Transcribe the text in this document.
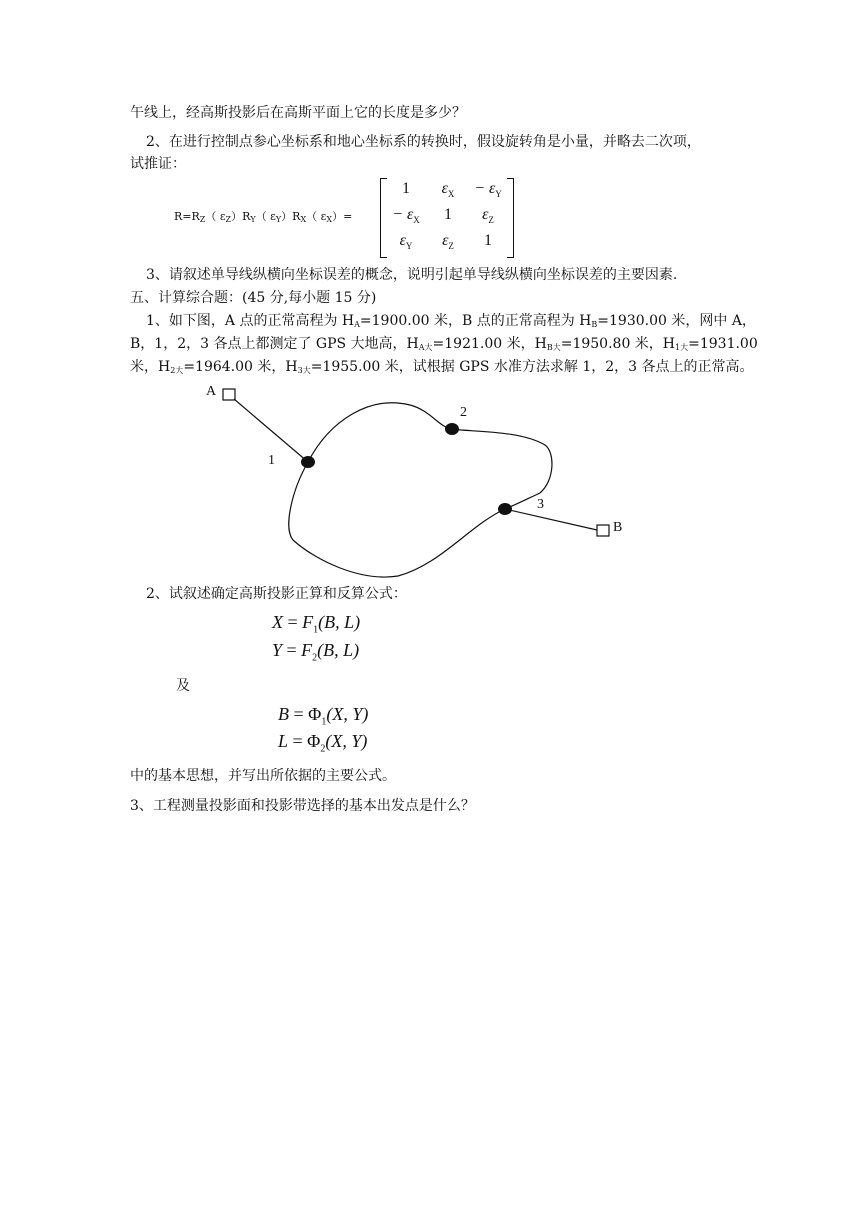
午线上，经高斯投影后在高斯平面上它的长度是多少？
2、在进行控制点参心坐标系和地心坐标系的转换时，假设旋转角是小量，并略去二次项，
试推证：
$R=R_Z$（ $\varepsilon_Z)R_Y$（ $\varepsilon_Y)R_X$（ $\varepsilon_X)=$
1	$\varepsilon_X$	− $\varepsilon_Y$
− $\varepsilon_X$	1	$\varepsilon_Z$
$\varepsilon_Y$	$\varepsilon_Z$	1
3、请叙述单导线纵横向坐标误差的概念，说明引起单导线纵横向坐标误差的主要因素.
五、计算综合题：(45 分,每小题 15 分)
1、如下图，A 点的正常高程为 $H_A=1900.00$ 米，B 点的正常高程为 $H_B=1930.00$ 米，网中 A，
B，1，2，3 各点上都测定了 GPS 大地高，$H_{A大}=1921.00$ 米，$H_{B大}=1950.80$ 米，$H_{1大}=1931.00$
米，$H_{2大}=1964.00$ 米，$H_{3大}=1955.00$ 米，试根据 GPS 水准方法求解 1，2，3 各点上的正常高。
A
1
2
3
B
2、试叙述确定高斯投影正算和反算公式：
$X = F_1(B$, L)
$Y = F_2(B$, L)
及
$B = \Phi_1(X$, Y)
$L = \Phi_2(X$, Y)
中的基本思想，并写出所依据的主要公式。
3、工程测量投影面和投影带选择的基本出发点是什么？
